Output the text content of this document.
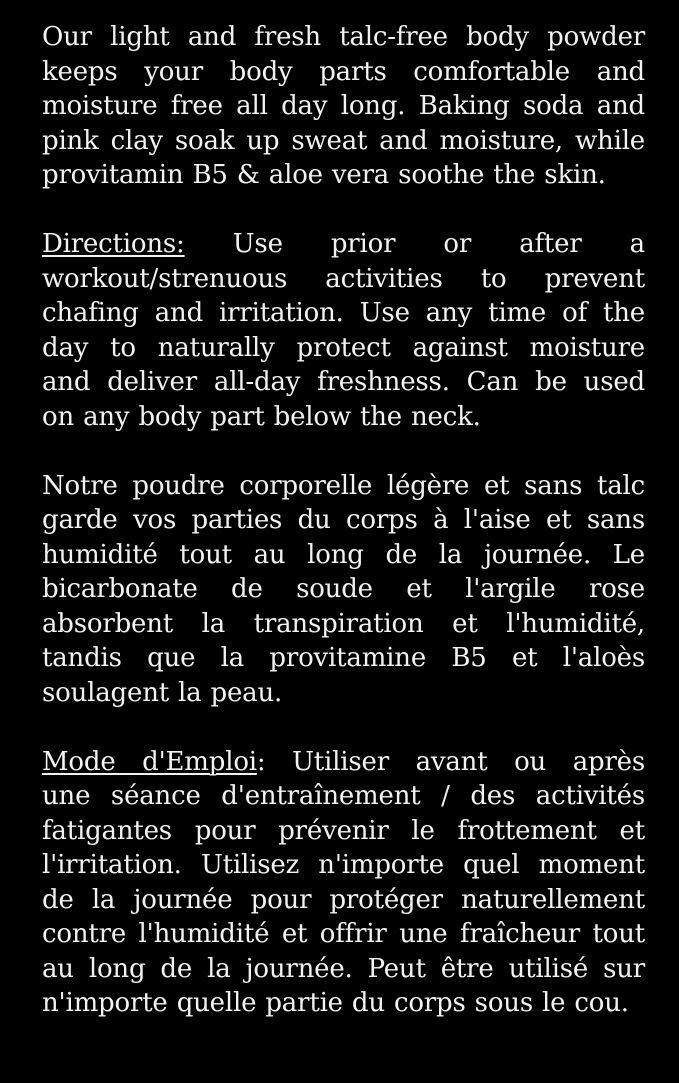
Our light and fresh talc-free body powder
keeps your body parts comfortable and
moisture free all day long. Baking soda and
pink clay soak up sweat and moisture, while
provitamin B5 & aloe vera soothe the skin.

Directions: Use prior or after a
workout/strenuous activities to prevent
chafing and irritation. Use any time of the
day to naturally protect against moisture
and deliver all-day freshness. Can be used
on any body part below the neck.

Notre poudre corporelle légère et sans talc
garde vos parties du corps à l'aise et sans
humidité tout au long de la journée. Le
bicarbonate de soude et l'argile rose
absorbent la transpiration et l'humidité,
tandis que la provitamine B5 et l'aloès
soulagent la peau.

Mode d'Emploi: Utiliser avant ou après
une séance d'entraînement / des activités
fatigantes pour prévenir le frottement et
l'irritation. Utilisez n'importe quel moment
de la journée pour protéger naturellement
contre l'humidité et offrir une fraîcheur tout
au long de la journée. Peut être utilisé sur
n'importe quelle partie du corps sous le cou.
